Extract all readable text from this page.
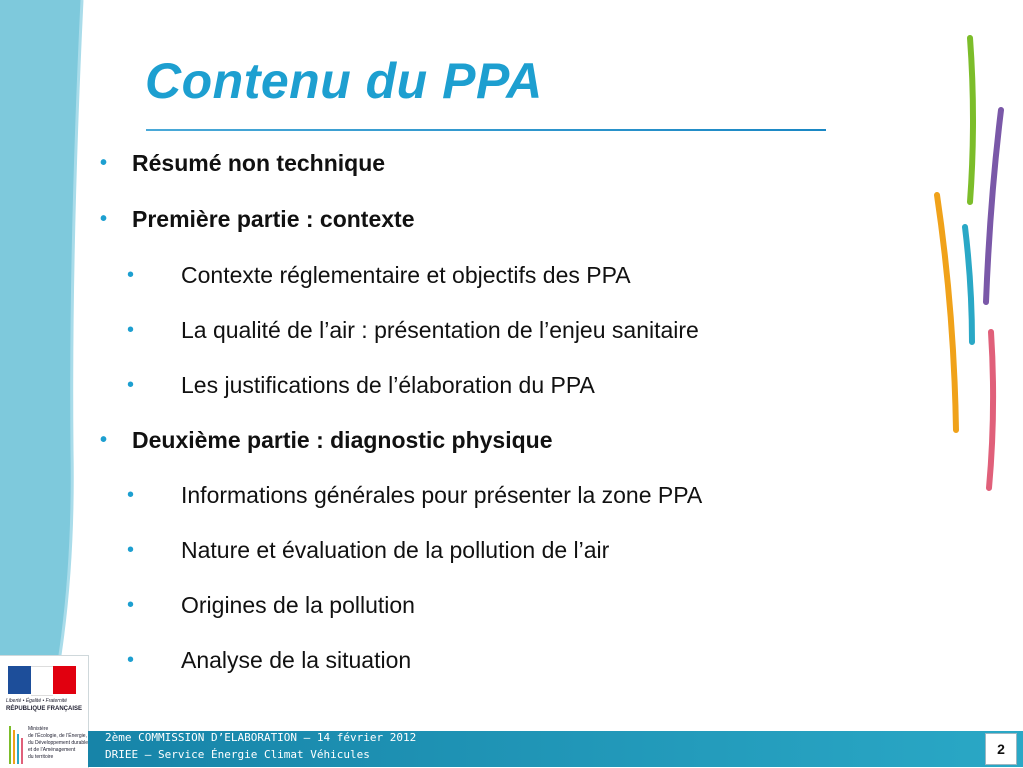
Contenu du PPA
• Résumé non technique
• Première partie : contexte
• Contexte réglementaire et objectifs des PPA
• La qualité de l’air : présentation de l’enjeu sanitaire
• Les justifications de l’élaboration du PPA
• Deuxième partie : diagnostic physique
• Informations générales pour présenter la zone PPA
• Nature et évaluation de la pollution de l’air
• Origines de la pollution
• Analyse de la situation
Liberté • Égalité • Fraternité
RÉPUBLIQUE FRANÇAISE
Ministère
de l’Écologie, de l’Énergie,
du Développement durable
et de l’Aménagement
du territoire
2ème COMMISSION D’ELABORATION – 14 février 2012
DRIEE – Service Énergie Climat Véhicules	2
